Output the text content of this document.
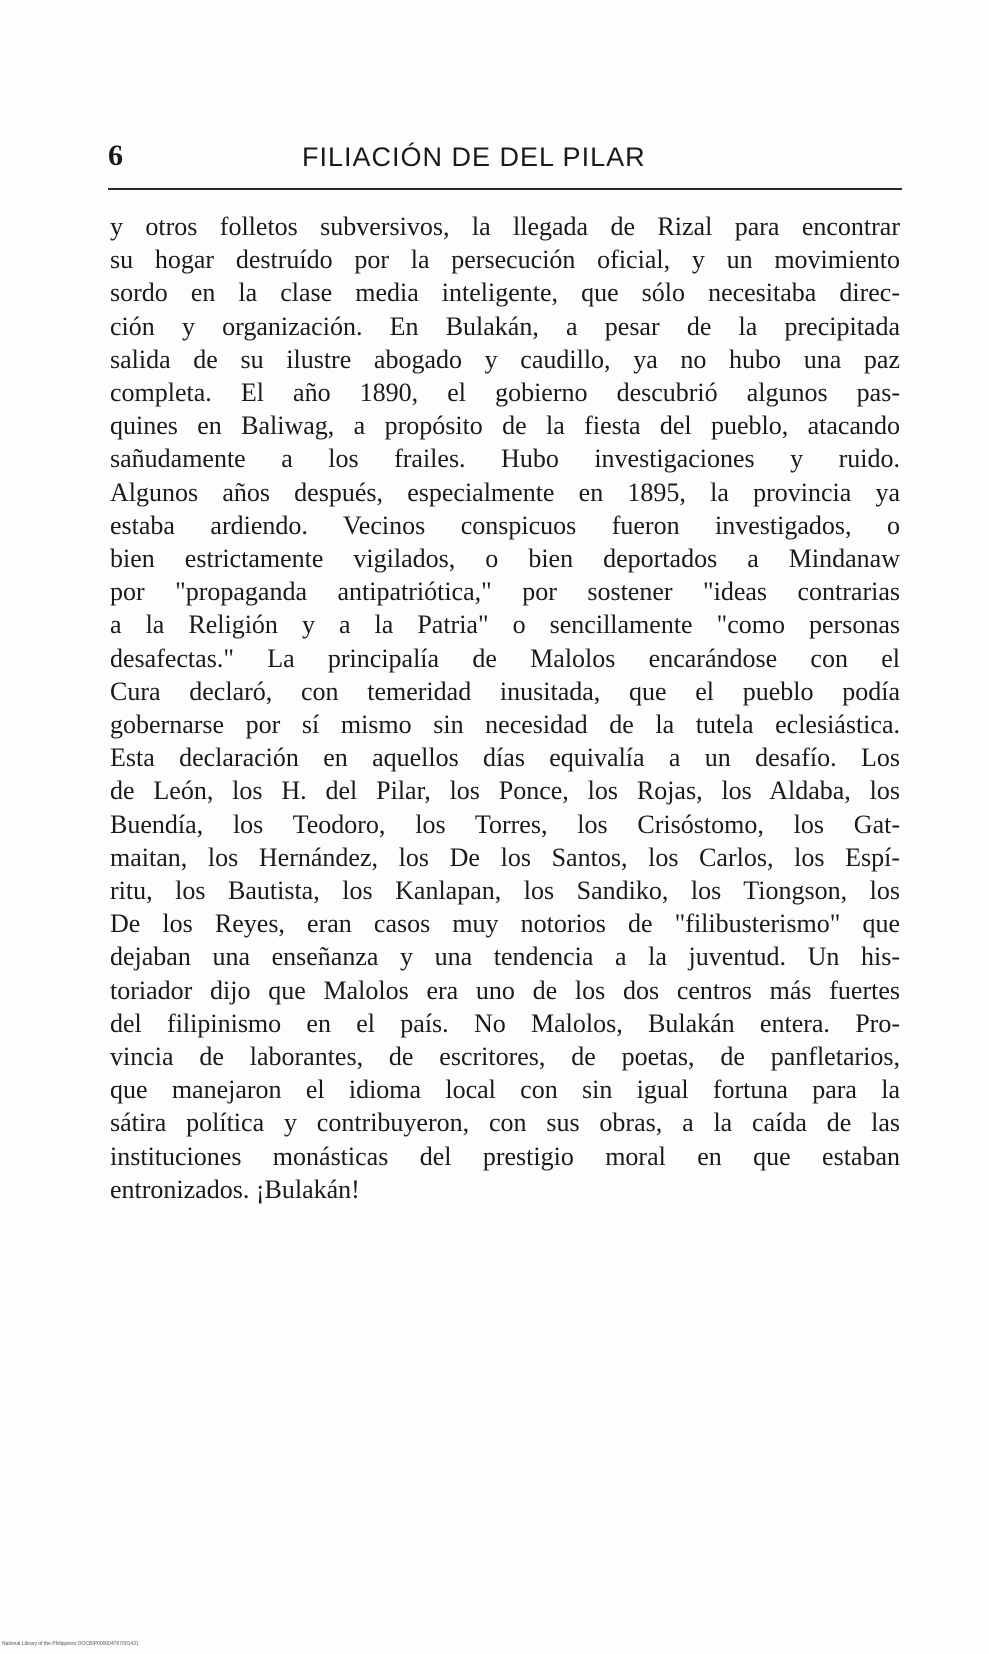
6	FILIACIÓN DE DEL PILAR

y otros folletos subversivos, la llegada de Rizal para encontrar
su hogar destruído por la persecución oficial, y un movimiento
sordo en la clase media inteligente, que sólo necesitaba direc-
ción y organización. En Bulakán, a pesar de la precipitada
salida de su ilustre abogado y caudillo, ya no hubo una paz
completa. El año 1890, el gobierno descubrió algunos pas-
quines en Baliwag, a propósito de la fiesta del pueblo, atacando
sañudamente a los frailes. Hubo investigaciones y ruido.
Algunos años después, especialmente en 1895, la provincia ya
estaba ardiendo. Vecinos conspicuos fueron investigados, o
bien estrictamente vigilados, o bien deportados a Mindanaw
por "propaganda antipatriótica," por sostener "ideas contrarias
a la Religión y a la Patria" o sencillamente "como personas
desafectas." La principalía de Malolos encarándose con el
Cura declaró, con temeridad inusitada, que el pueblo podía
gobernarse por sí mismo sin necesidad de la tutela eclesiástica.
Esta declaración en aquellos días equivalía a un desafío. Los
de León, los H. del Pilar, los Ponce, los Rojas, los Aldaba, los
Buendía, los Teodoro, los Torres, los Crisóstomo, los Gat-
maitan, los Hernández, los De los Santos, los Carlos, los Espí-
ritu, los Bautista, los Kanlapan, los Sandiko, los Tiongson, los
De los Reyes, eran casos muy notorios de "filibusterismo" que
dejaban una enseñanza y una tendencia a la juventud. Un his-
toriador dijo que Malolos era uno de los dos centros más fuertes
del filipinismo en el país. No Malolos, Bulakán entera. Pro-
vincia de laborantes, de escritores, de poetas, de panfletarios,
que manejaron el idioma local con sin igual fortuna para la
sátira política y contribuyeron, con sus obras, a la caída de las
instituciones monásticas del prestigio moral en que estaban
entronizados. ¡Bulakán!

National Library of the Philippines DOCBIP000004767001431
